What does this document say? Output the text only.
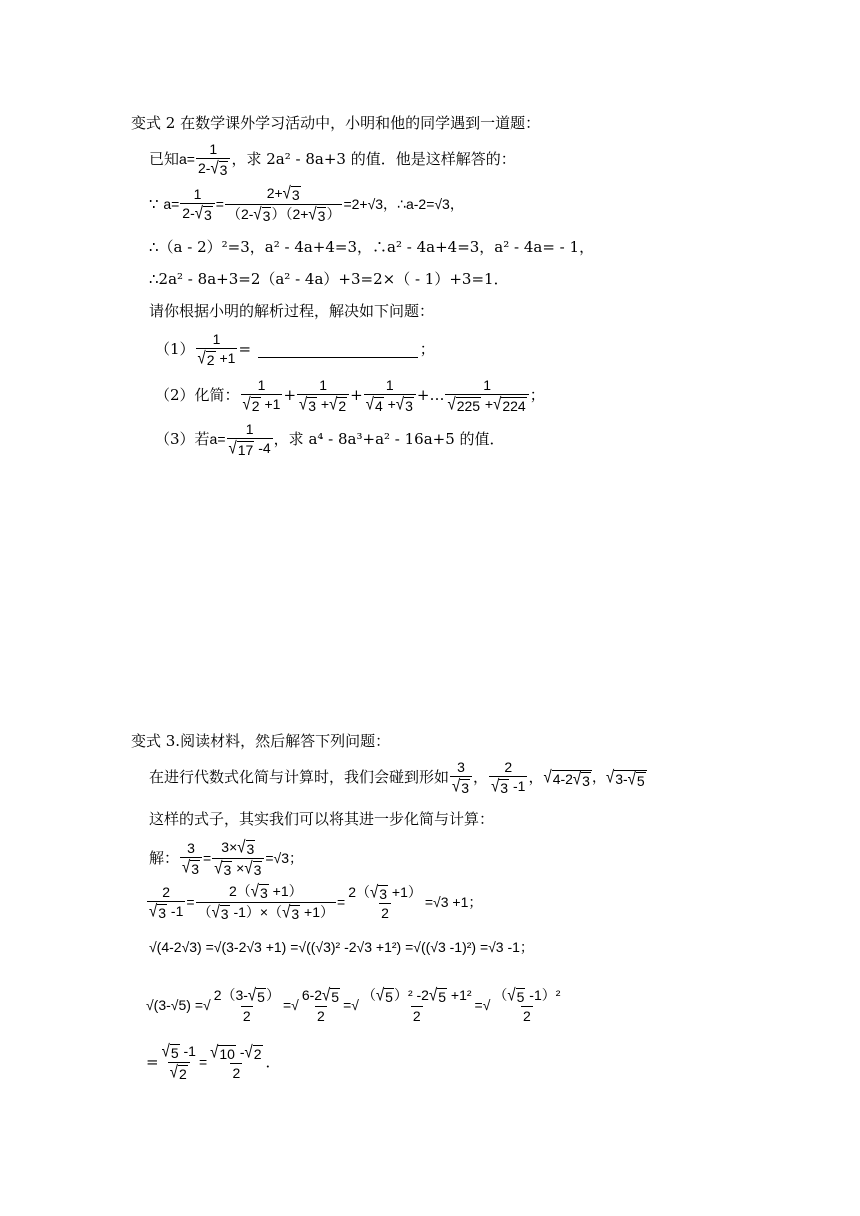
变式 2 在数学课外学习活动中，小明和他的同学遇到一道题：
已知$a= \frac{1}{2- √ 3}$ ，求 2a² - 8a+3 的值．他是这样解答的：
∵ $a= \frac{1}{2- √ 3} = \frac{2+ √ 3}{(2- √ 3 )(2+ √ 3 )} =2+√3$，∴a-2=√3，
∴（a - 2）²=3，a² - 4a+4=3，∴a² - 4a+4=3，a² - 4a= - 1，
∴2a² - 8a+3=2（a² - 4a）+3=2×（ - 1）+3=1．
请你根据小明的解析过程，解决如下问题：
$(1) \frac{1}{√ 2 +1}$ =	；
（2）化简： $\frac{1}{√ 2 +1} + \frac{1}{√ 3 + √ 2} + \frac{1}{√ 4 + √ 3}$ +… $\frac{1}{√ 225 + √ 224}$ ；
（3）若$a= \frac{1}{√ 17 -4}$ ，求 a⁴ - 8a³+a² - 16a+5 的值．
变式 3.阅读材料，然后解答下列问题：
在进行代数式化简与计算时，我们会碰到形如 $\frac{3}{√ 3}$ ， $\frac{2}{√ 3 -1}$ ， √ 4-2 √ 3 ， √ 3- √ 5
这样的式子，其实我们可以将其进一步化简与计算：
解： $\frac{3}{√ 3} = \frac{3\times √ 3}{√ 3 \times √ 3} =√3$；
$\frac{2}{√ 3 -1} = \frac{2( √ 3 +1)}{( √ 3 -1)\times( √ 3 +1)} = \frac{2( √ 3 +1)}{2} =√3 +1$；
√(4-2√3) =√(3-2√3 +1) =√((√3)² -2√3 +1²) =√((√3 -1)²) =√3 -1；
√(3-√5) =√ $\frac{2(3- √ 5 )}{2}$ =√ $\frac{6-2 √ 5}{2}$ =√ $\frac{\text{（ √ 5 ）² -2 √ 5 +1²}}{2}$ =√ $\frac{\text{（ √ 5 -1）²}}{2}$
= $\frac{√ 5 -1}{√ 2} = \frac{√ 10 - √ 2}{2}$ ．
